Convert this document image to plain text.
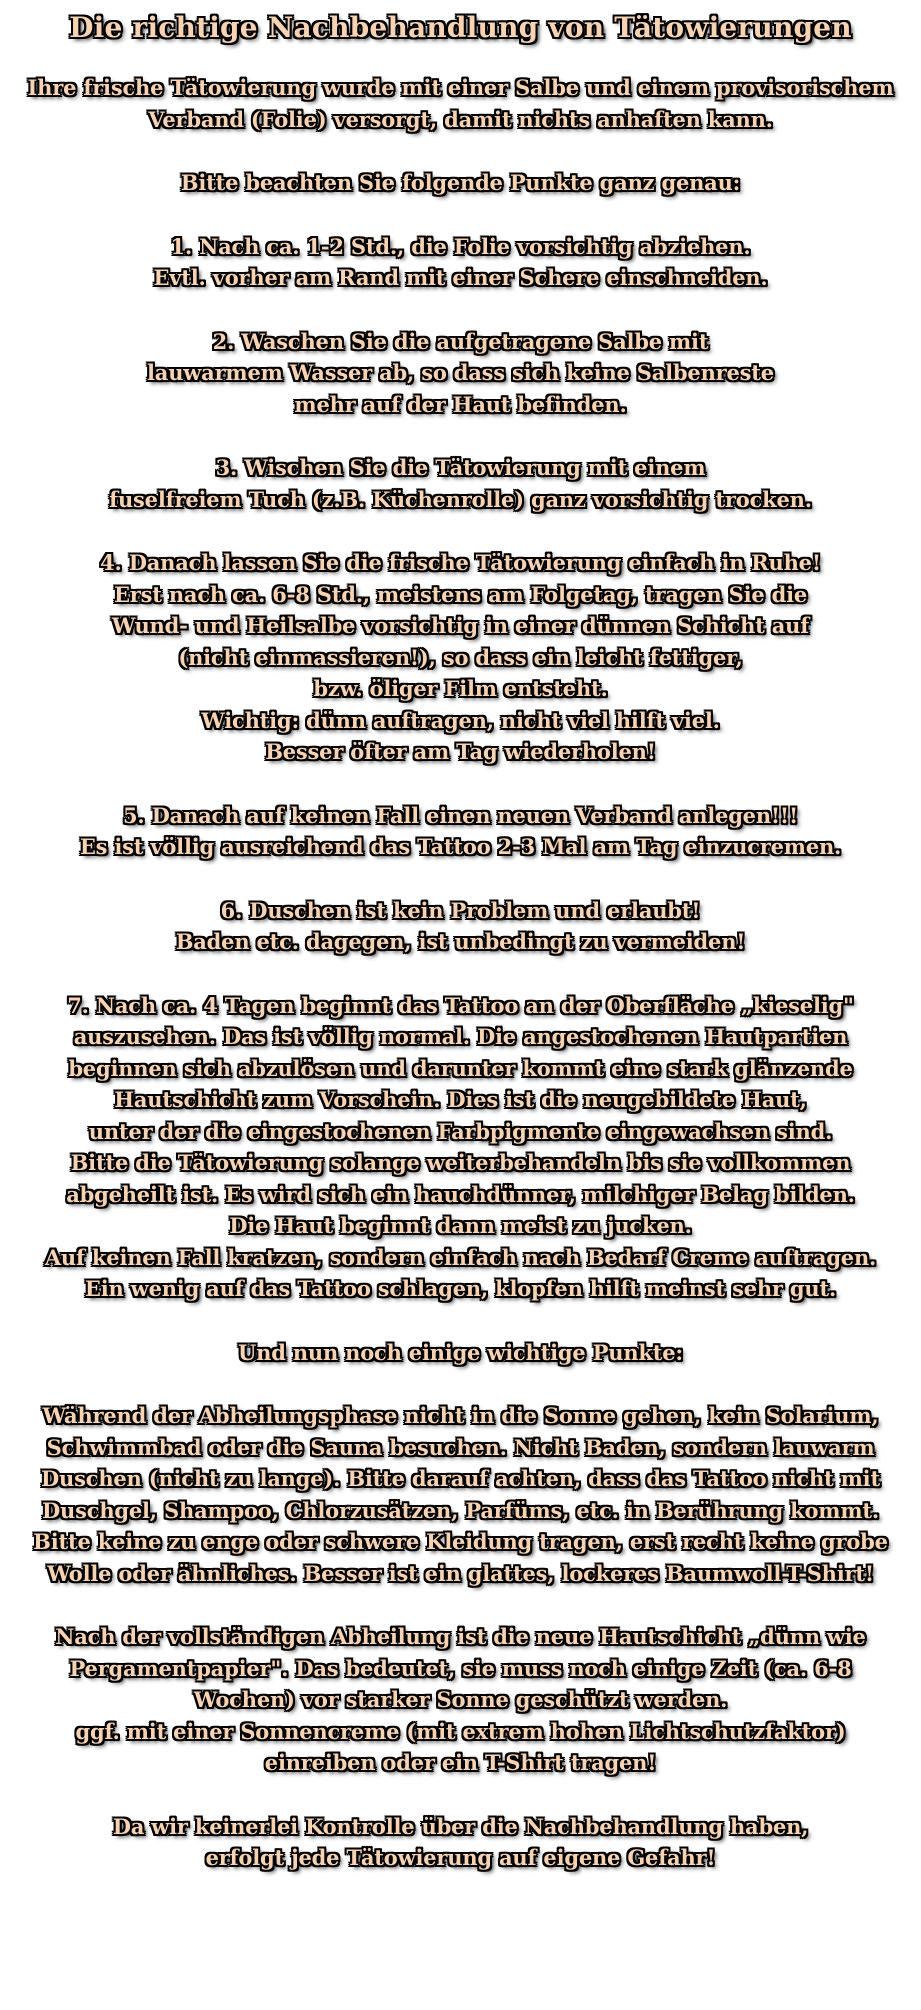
Die richtige Nachbehandlung von Tätowierungen
Ihre frische Tätowierung wurde mit einer Salbe und einem provisorischem
Verband (Folie) versorgt, damit nichts anhaften kann.
Bitte beachten Sie folgende Punkte ganz genau:
1. Nach ca. 1-2 Std., die Folie vorsichtig abziehen.
Evtl. vorher am Rand mit einer Schere einschneiden.
2. Waschen Sie die aufgetragene Salbe mit
lauwarmem Wasser ab, so dass sich keine Salbenreste
mehr auf der Haut befinden.
3. Wischen Sie die Tätowierung mit einem
fuselfreiem Tuch (z.B. Küchenrolle) ganz vorsichtig trocken.
4. Danach lassen Sie die frische Tätowierung einfach in Ruhe!
Erst nach ca. 6-8 Std., meistens am Folgetag, tragen Sie die
Wund- und Heilsalbe vorsichtig in einer dünnen Schicht auf
(nicht einmassieren!), so dass ein leicht fettiger,
bzw. öliger Film entsteht.
Wichtig: dünn auftragen, nicht viel hilft viel.
Besser öfter am Tag wiederholen!
5. Danach auf keinen Fall einen neuen Verband anlegen!!!
Es ist völlig ausreichend das Tattoo 2-3 Mal am Tag einzucremen.
6. Duschen ist kein Problem und erlaubt!
Baden etc. dagegen, ist unbedingt zu vermeiden!
7. Nach ca. 4 Tagen beginnt das Tattoo an der Oberfläche „kieselig"
auszusehen. Das ist völlig normal. Die angestochenen Hautpartien
beginnen sich abzulösen und darunter kommt eine stark glänzende
Hautschicht zum Vorschein. Dies ist die neugebildete Haut,
unter der die eingestochenen Farbpigmente eingewachsen sind.
Bitte die Tätowierung solange weiterbehandeln bis sie vollkommen
abgeheilt ist. Es wird sich ein hauchdünner, milchiger Belag bilden.
Die Haut beginnt dann meist zu jucken.
Auf keinen Fall kratzen, sondern einfach nach Bedarf Creme auftragen.
Ein wenig auf das Tattoo schlagen, klopfen hilft meinst sehr gut.
Und nun noch einige wichtige Punkte:
Während der Abheilungsphase nicht in die Sonne gehen, kein Solarium,
Schwimmbad oder die Sauna besuchen. Nicht Baden, sondern lauwarm
Duschen (nicht zu lange). Bitte darauf achten, dass das Tattoo nicht mit
Duschgel, Shampoo, Chlorzusätzen, Parfüms, etc. in Berührung kommt.
Bitte keine zu enge oder schwere Kleidung tragen, erst recht keine grobe
Wolle oder ähnliches. Besser ist ein glattes, lockeres Baumwoll-T-Shirt!
Nach der vollständigen Abheilung ist die neue Hautschicht „dünn wie
Pergamentpapier". Das bedeutet, sie muss noch einige Zeit (ca. 6-8
Wochen) vor starker Sonne geschützt werden.
ggf. mit einer Sonnencreme (mit extrem hohen Lichtschutzfaktor)
einreiben oder ein T-Shirt tragen!
Da wir keinerlei Kontrolle über die Nachbehandlung haben,
erfolgt jede Tätowierung auf eigene Gefahr!
